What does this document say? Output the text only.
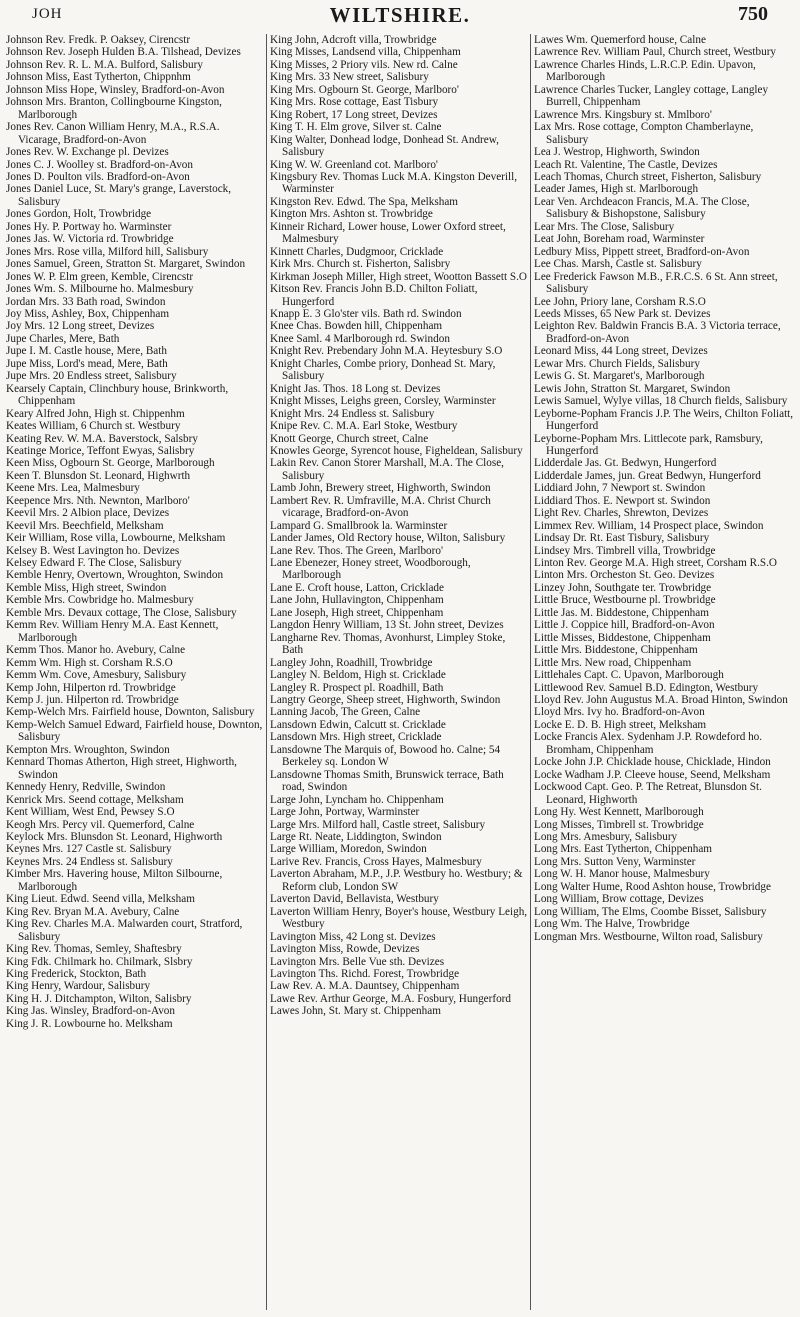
JOH	WILTSHIRE.	750

Johnson Rev. Fredk. P. Oaksey, Cirencstr

Johnson Rev. Joseph Hulden B.A. Tilshead, Devizes

Johnson Rev. R. L. M.A. Bulford, Salisbury

Johnson Miss, East Tytherton, Chippnhm

Johnson Miss Hope, Winsley, Bradford-on-Avon

Johnson Mrs. Branton, Collingbourne Kingston, Marlborough

Jones Rev. Canon William Henry, M.A., R.S.A. Vicarage, Bradford-on-Avon

Jones Rev. W. Exchange pl. Devizes

Jones C. J. Woolley st. Bradford-on-Avon

Jones D. Poulton vils. Bradford-on-Avon

Jones Daniel Luce, St. Mary's grange, Laverstock, Salisbury

Jones Gordon, Holt, Trowbridge

Jones Hy. P. Portway ho. Warminster

Jones Jas. W. Victoria rd. Trowbridge

Jones Mrs. Rose villa, Milford hill, Salisbury

Jones Samuel, Green, Stratton St. Margaret, Swindon

Jones W. P. Elm green, Kemble, Cirencstr

Jones Wm. S. Milbourne ho. Malmesbury

Jordan Mrs. 33 Bath road, Swindon

Joy Miss, Ashley, Box, Chippenham

Joy Mrs. 12 Long street, Devizes

Jupe Charles, Mere, Bath

Jupe I. M. Castle house, Mere, Bath

Jupe Miss, Lord's mead, Mere, Bath

Jupe Mrs. 20 Endless street, Salisbury

Kearsely Captain, Clinchbury house, Brinkworth, Chippenham

Keary Alfred John, High st. Chippenhm

Keates William, 6 Church st. Westbury

Keating Rev. W. M.A. Baverstock, Salsbry

Keatinge Morice, Teffont Ewyas, Salisbry

Keen Miss, Ogbourn St. George, Marlborough

Keen T. Blunsdon St. Leonard, Highwrth

Keene Mrs. Lea, Malmesbury

Keepence Mrs. Nth. Newnton, Marlboro'

Keevil Mrs. 2 Albion place, Devizes

Keevil Mrs. Beechfield, Melksham

Keir William, Rose villa, Lowbourne, Melksham

Kelsey B. West Lavington ho. Devizes

Kelsey Edward F. The Close, Salisbury

Kemble Henry, Overtown, Wroughton, Swindon

Kemble Miss, High street, Swindon

Kemble Mrs. Cowbridge ho. Malmesbury

Kemble Mrs. Devaux cottage, The Close, Salisbury

Kemm Rev. William Henry M.A. East Kennett, Marlborough

Kemm Thos. Manor ho. Avebury, Calne

Kemm Wm. High st. Corsham R.S.O

Kemm Wm. Cove, Amesbury, Salisbury

Kemp John, Hilperton rd. Trowbridge

Kemp J. jun. Hilperton rd. Trowbridge

Kemp-Welch Mrs. Fairfield house, Downton, Salisbury

Kemp-Welch Samuel Edward, Fairfield house, Downton, Salisbury

Kempton Mrs. Wroughton, Swindon

Kennard Thomas Atherton, High street, Highworth, Swindon

Kennedy Henry, Redville, Swindon

Kenrick Mrs. Seend cottage, Melksham

Kent William, West End, Pewsey S.O

Keogh Mrs. Percy vil. Quemerford, Calne

Keylock Mrs. Blunsdon St. Leonard, Highworth

Keynes Mrs. 127 Castle st. Salisbury

Keynes Mrs. 24 Endless st. Salisbury

Kimber Mrs. Havering house, Milton Silbourne, Marlborough

King Lieut. Edwd. Seend villa, Melksham

King Rev. Bryan M.A. Avebury, Calne

King Rev. Charles M.A. Malwarden court, Stratford, Salisbury

King Rev. Thomas, Semley, Shaftesbry

King Fdk. Chilmark ho. Chilmark, Slsbry

King Frederick, Stockton, Bath

King Henry, Wardour, Salisbury

King H. J. Ditchampton, Wilton, Salisbry

King Jas. Winsley, Bradford-on-Avon

King J. R. Lowbourne ho. Melksham

King John, Adcroft villa, Trowbridge

King Misses, Landsend villa, Chippenham

King Misses, 2 Priory vils. New rd. Calne

King Mrs. 33 New street, Salisbury

King Mrs. Ogbourn St. George, Marlboro'

King Mrs. Rose cottage, East Tisbury

King Robert, 17 Long street, Devizes

King T. H. Elm grove, Silver st. Calne

King Walter, Donhead lodge, Donhead St. Andrew, Salisbury

King W. W. Greenland cot. Marlboro'

Kingsbury Rev. Thomas Luck M.A. Kingston Deverill, Warminster

Kingston Rev. Edwd. The Spa, Melksham

Kington Mrs. Ashton st. Trowbridge

Kinneir Richard, Lower house, Lower Oxford street, Malmesbury

Kinnett Charles, Dudgmoor, Cricklade

Kirk Mrs. Church st. Fisherton, Salisbry

Kirkman Joseph Miller, High street, Wootton Bassett S.O

Kitson Rev. Francis John B.D. Chilton Foliatt, Hungerford

Knapp E. 3 Glo'ster vils. Bath rd. Swindon

Knee Chas. Bowden hill, Chippenham

Knee Saml. 4 Marlborough rd. Swindon

Knight Rev. Prebendary John M.A. Heytesbury S.O

Knight Charles, Combe priory, Donhead St. Mary, Salisbury

Knight Jas. Thos. 18 Long st. Devizes

Knight Misses, Leighs green, Corsley, Warminster

Knight Mrs. 24 Endless st. Salisbury

Knipe Rev. C. M.A. Earl Stoke, Westbury

Knott George, Church street, Calne

Knowles George, Syrencot house, Figheldean, Salisbury

Lakin Rev. Canon Storer Marshall, M.A. The Close, Salisbury

Lamb John, Brewery street, Highworth, Swindon

Lambert Rev. R. Umfraville, M.A. Christ Church vicarage, Bradford-on-Avon

Lampard G. Smallbrook la. Warminster

Lander James, Old Rectory house, Wilton, Salisbury

Lane Rev. Thos. The Green, Marlboro'

Lane Ebenezer, Honey street, Woodborough, Marlborough

Lane E. Croft house, Latton, Cricklade

Lane John, Hullavington, Chippenham

Lane Joseph, High street, Chippenham

Langdon Henry William, 13 St. John street, Devizes

Langharne Rev. Thomas, Avonhurst, Limpley Stoke, Bath

Langley John, Roadhill, Trowbridge

Langley N. Beldom, High st. Cricklade

Langley R. Prospect pl. Roadhill, Bath

Langtry George, Sheep street, Highworth, Swindon

Lanning Jacob, The Green, Calne

Lansdown Edwin, Calcutt st. Cricklade

Lansdown Mrs. High street, Cricklade

Lansdowne The Marquis of, Bowood ho. Calne; 54 Berkeley sq. London W

Lansdowne Thomas Smith, Brunswick terrace, Bath road, Swindon

Large John, Lyncham ho. Chippenham

Large John, Portway, Warminster

Large Mrs. Milford hall, Castle street, Salisbury

Large Rt. Neate, Liddington, Swindon

Large William, Moredon, Swindon

Larive Rev. Francis, Cross Hayes, Malmesbury

Laverton Abraham, M.P., J.P. Westbury ho. Westbury; & Reform club, London SW

Laverton David, Bellavista, Westbury

Laverton William Henry, Boyer's house, Westbury Leigh, Westbury

Lavington Miss, 42 Long st. Devizes

Lavington Miss, Rowde, Devizes

Lavington Mrs. Belle Vue sth. Devizes

Lavington Ths. Richd. Forest, Trowbridge

Law Rev. A. M.A. Dauntsey, Chippenham

Lawe Rev. Arthur George, M.A. Fosbury, Hungerford

Lawes John, St. Mary st. Chippenham

Lawes Wm. Quemerford house, Calne

Lawrence Rev. William Paul, Church street, Westbury

Lawrence Charles Hinds, L.R.C.P. Edin. Upavon, Marlborough

Lawrence Charles Tucker, Langley cottage, Langley Burrell, Chippenham

Lawrence Mrs. Kingsbury st. Mmlboro'

Lax Mrs. Rose cottage, Compton Chamberlayne, Salisbury

Lea J. Westrop, Highworth, Swindon

Leach Rt. Valentine, The Castle, Devizes

Leach Thomas, Church street, Fisherton, Salisbury

Leader James, High st. Marlborough

Lear Ven. Archdeacon Francis, M.A. The Close, Salisbury & Bishopstone, Salisbury

Lear Mrs. The Close, Salisbury

Leat John, Boreham road, Warminster

Ledbury Miss, Pippett street, Bradford-on-Avon

Lee Chas. Marsh, Castle st. Salisbury

Lee Frederick Fawson M.B., F.R.C.S. 6 St. Ann street, Salisbury

Lee John, Priory lane, Corsham R.S.O

Leeds Misses, 65 New Park st. Devizes

Leighton Rev. Baldwin Francis B.A. 3 Victoria terrace, Bradford-on-Avon

Leonard Miss, 44 Long street, Devizes

Lewar Mrs. Church Fields, Salisbury

Lewis G. St. Margaret's, Marlborough

Lewis John, Stratton St. Margaret, Swindon

Lewis Samuel, Wylye villas, 18 Church fields, Salisbury

Leyborne-Popham Francis J.P. The Weirs, Chilton Foliatt, Hungerford

Leyborne-Popham Mrs. Littlecote park, Ramsbury, Hungerford

Lidderdale Jas. Gt. Bedwyn, Hungerford

Lidderdale James, jun. Great Bedwyn, Hungerford

Liddiard John, 7 Newport st. Swindon

Liddiard Thos. E. Newport st. Swindon

Light Rev. Charles, Shrewton, Devizes

Limmex Rev. William, 14 Prospect place, Swindon

Lindsay Dr. Rt. East Tisbury, Salisbury

Lindsey Mrs. Timbrell villa, Trowbridge

Linton Rev. George M.A. High street, Corsham R.S.O

Linton Mrs. Orcheston St. Geo. Devizes

Linzey John, Southgate ter. Trowbridge

Little Bruce, Westbourne pl. Trowbridge

Little Jas. M. Biddestone, Chippenham

Little J. Coppice hill, Bradford-on-Avon

Little Misses, Biddestone, Chippenham

Little Mrs. Biddestone, Chippenham

Little Mrs. New road, Chippenham

Littlehales Capt. C. Upavon, Marlborough

Littlewood Rev. Samuel B.D. Edington, Westbury

Lloyd Rev. John Augustus M.A. Broad Hinton, Swindon

Lloyd Mrs. Ivy ho. Bradford-on-Avon

Locke E. D. B. High street, Melksham

Locke Francis Alex. Sydenham J.P. Rowdeford ho. Bromham, Chippenham

Locke John J.P. Chicklade house, Chicklade, Hindon

Locke Wadham J.P. Cleeve house, Seend, Melksham

Lockwood Capt. Geo. P. The Retreat, Blunsdon St. Leonard, Highworth

Long Hy. West Kennett, Marlborough

Long Misses, Timbrell st. Trowbridge

Long Mrs. Amesbury, Salisbury

Long Mrs. East Tytherton, Chippenham

Long Mrs. Sutton Veny, Warminster

Long W. H. Manor house, Malmesbury

Long Walter Hume, Rood Ashton house, Trowbridge

Long William, Brow cottage, Devizes

Long William, The Elms, Coombe Bisset, Salisbury

Long Wm. The Halve, Trowbridge

Longman Mrs. Westbourne, Wilton road, Salisbury
